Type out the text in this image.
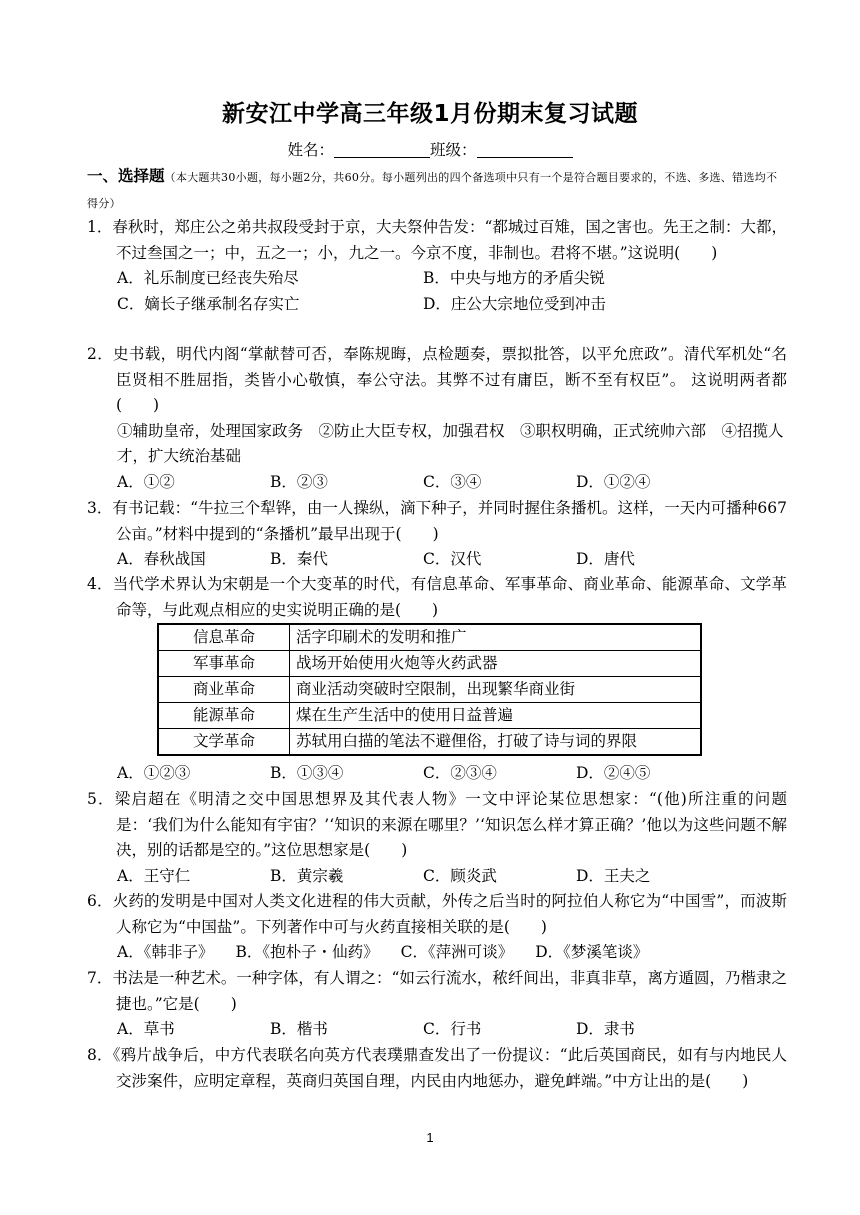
新安江中学高三年级1月份期末复习试题
姓名：	班级：
一、选择题（本大题共30小题，每小题2分，共60分。每小题列出的四个备选项中只有一个是符合题目要求的，不选、多选、错选均不得分）
1．春秋时，郑庄公之弟共叔段受封于京，大夫祭仲告发：“都城过百雉，国之害也。先王之制：大都，不过叁国之一；中，五之一；小，九之一。今京不度，非制也。君将不堪。”这说明(　　)
A．礼乐制度已经丧失殆尽	B．中央与地方的矛盾尖锐
C．嫡长子继承制名存实亡	D．庄公大宗地位受到冲击
2．史书载，明代内阁“掌献替可否，奉陈规晦，点检题奏，票拟批答，以平允庶政”。清代军机处“名臣贤相不胜屈指，类皆小心敬慎，奉公守法。其弊不过有庸臣，断不至有权臣”。 这说明两者都(　　)
①辅助皇帝，处理国家政务　②防止大臣专权，加强君权　③职权明确，正式统帅六部　④招揽人才，扩大统治基础
A．①②	B．②③	C．③④	D．①②④
3．有书记载：“牛拉三个犁铧，由一人操纵，滴下种子，并同时握住条播机。这样，一天内可播种667公亩。”材料中提到的“条播机”最早出现于(　　)
A．春秋战国	B．秦代	C．汉代	D．唐代
4．当代学术界认为宋朝是一个大变革的时代，有信息革命、军事革命、商业革命、能源革命、文学革命等，与此观点相应的史实说明正确的是(　　)
信息革命	活字印刷术的发明和推广
军事革命	战场开始使用火炮等火药武器
商业革命	商业活动突破时空限制，出现繁华商业街
能源革命	煤在生产生活中的使用日益普遍
文学革命	苏轼用白描的笔法不避俚俗，打破了诗与词的界限
A．①②③	B．①③④	C．②③④	D．②④⑤
5．梁启超在《明清之交中国思想界及其代表人物》一文中评论某位思想家：“(他)所注重的问题是：‘我们为什么能知有宇宙？’‘知识的来源在哪里？’‘知识怎么样才算正确？’他以为这些问题不解决，别的话都是空的。”这位思想家是(　　)
A．王守仁	B．黄宗羲	C．顾炎武	D．王夫之
6．火药的发明是中国对人类文化进程的伟大贡献，外传之后当时的阿拉伯人称它为“中国雪”，而波斯人称它为“中国盐”。下列著作中可与火药直接相关联的是(　　)
A．《韩非子》 B．《抱朴子・仙药》 C．《萍洲可谈》 D．《梦溪笔谈》
7．书法是一种艺术。一种字体，有人谓之：“如云行流水，秾纤间出，非真非草，离方遁圆，乃楷隶之捷也。”它是(　　)
A．草书	B．楷书	C．行书	D．隶书
8．《鸦片战争后，中方代表联名向英方代表璞鼎查发出了一份提议：“此后英国商民，如有与内地民人交涉案件，应明定章程，英商归英国自理，内民由内地惩办，避免衅端。”中方让出的是(　　)
1
